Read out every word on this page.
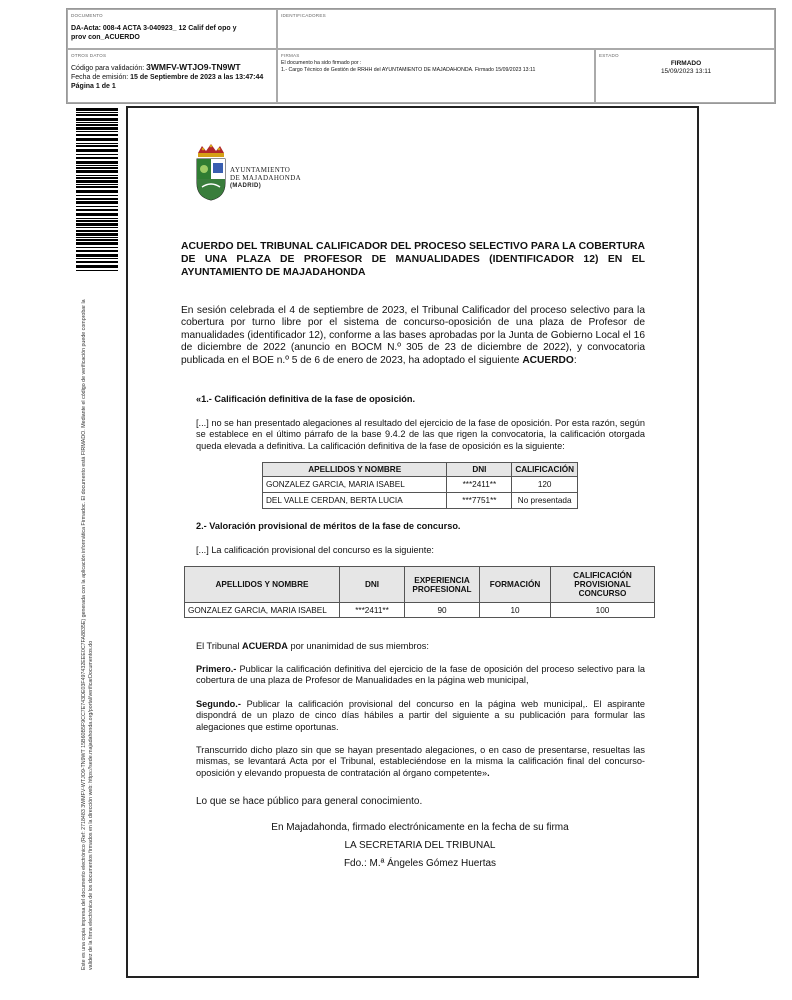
DOCUMENTO
DA-Acta: 008-4 ACTA 3-040923_ 12 Calif def opo y prov con_ACUERDO
IDENTIFICADORES
OTROS DATOS
Código para validación: 3WMFV-WTJO9-TN9WT
Fecha de emisión: 15 de Septiembre de 2023 a las 13:47:44
Página 1 de 1
FIRMAS
El documento ha sido firmado por :
1.- Cargo Técnico de Gestión de RRHH del AYUNTAMIENTO DE MAJADAHONDA. Firmado 15/09/2023 13:11
ESTADO
FIRMADO
15/09/2023 13:11
Este es una copia impresa del documento electrónico (Ref: 2718483 3WMFV-WTJO9-TN9WT 15B60B5F9CC7E743DE03F497432EEE0C7FA8835E) generada con la aplicación informática Firmadoc. El documento está FIRMADO. Mediante el código de verificación puede comprobar la validez de la firma electrónica de los documentos firmados en la dirección web: https://sede.majadahonda.org/portal/verificarDocumentos.do
AYUNTAMIENTO
DE MAJADAHONDA
(MADRID)
ACUERDO DEL TRIBUNAL CALIFICADOR DEL PROCESO SELECTIVO PARA LA COBERTURA DE UNA PLAZA DE PROFESOR DE MANUALIDADES (IDENTIFICADOR 12) EN EL AYUNTAMIENTO DE MAJADAHONDA
En sesión celebrada el 4 de septiembre de 2023, el Tribunal Calificador del proceso selectivo para la cobertura por turno libre por el sistema de concurso-oposición de una plaza de Profesor de manualidades (identificador 12), conforme a las bases aprobadas por la Junta de Gobierno Local el 16 de diciembre de 2022 (anuncio en BOCM N.º 305 de 23 de diciembre de 2022), y convocatoria publicada en el BOE n.º 5 de 6 de enero de 2023, ha adoptado el siguiente ACUERDO:
«1.- Calificación definitiva de la fase de oposición.
[...] no se han presentado alegaciones al resultado del ejercicio de la fase de oposición. Por esta razón, según se establece en el último párrafo de la base 9.4.2 de las que rigen la convocatoria, la calificación otorgada queda elevada a definitiva. La calificación definitiva de la fase de oposición es la siguiente:
APELLIDOS Y NOMBRE	DNI	CALIFICACIÓN
GONZALEZ GARCIA, MARIA ISABEL	***2411**	120
DEL VALLE CERDAN, BERTA LUCIA	***7751**	No presentada
2.- Valoración provisional de méritos de la fase de concurso.
[...] La calificación provisional del concurso es la siguiente:
APELLIDOS Y NOMBRE	DNI	EXPERIENCIA PROFESIONAL	FORMACIÓN	CALIFICACIÓN PROVISIONAL CONCURSO
GONZALEZ GARCIA, MARIA ISABEL	***2411**	90	10	100
El Tribunal ACUERDA por unanimidad de sus miembros:
Primero.- Publicar la calificación definitiva del ejercicio de la fase de oposición del proceso selectivo para la cobertura de una plaza de Profesor de Manualidades en la página web municipal,
Segundo.- Publicar la calificación provisional del concurso en la página web municipal,. El aspirante dispondrá de un plazo de cinco días hábiles a partir del siguiente a su publicación para formular las alegaciones que estime oportunas.
Transcurrido dicho plazo sin que se hayan presentado alegaciones, o en caso de presentarse, resueltas las mismas, se levantará Acta por el Tribunal, estableciéndose en la misma la calificación final del concurso-oposición y elevando propuesta de contratación al órgano competente».
Lo que se hace público para general conocimiento.
En Majadahonda, firmado electrónicamente en la fecha de su firma
LA SECRETARIA DEL TRIBUNAL
Fdo.: M.ª Ángeles Gómez Huertas
